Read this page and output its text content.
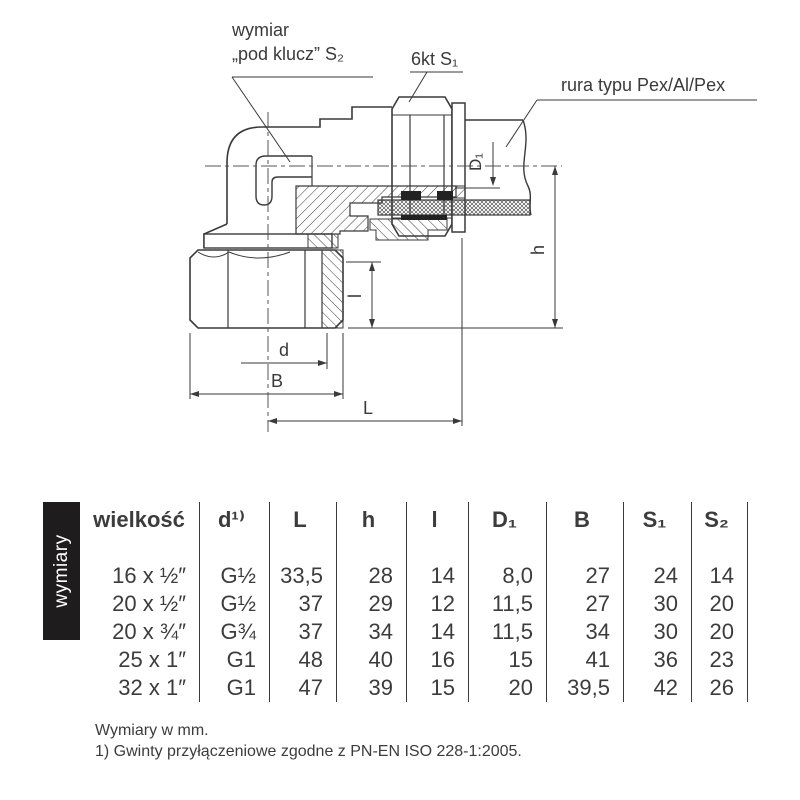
D₁
h
l
d
B
L
wymiar
„pod klucz” S₂	6kt S₁
rura typu Pex/Al/Pex
wymiary
wielkość	d¹⁾	L	h	l	D₁	B	S₁	S₂
16 x ½″	G½	33,5	28	14	8,0	27	24	14
20 x ½″	G½	37	29	12	11,5	27	30	20
20 x ¾″	G¾	37	34	14	11,5	34	30	20
25 x 1″	G1	48	40	16	15	41	36	23
32 x 1″	G1	47	39	15	20	39,5	42	26
Wymiary w mm.
1) Gwinty przyłączeniowe zgodne z PN-EN ISO 228-1:2005.
